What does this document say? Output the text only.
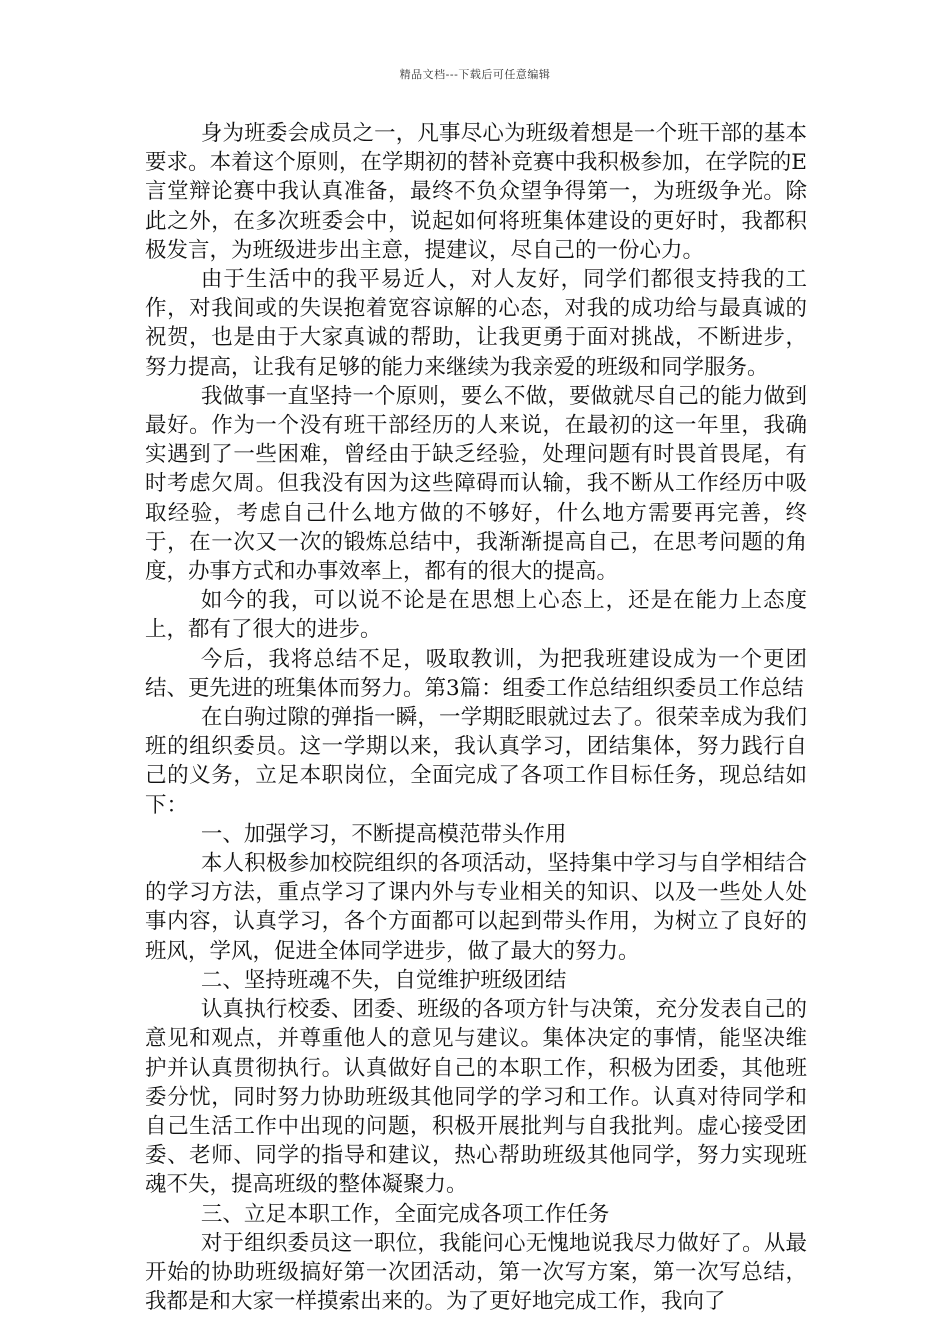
精品文档---下载后可任意编辑

身为班委会成员之一，凡事尽心为班级着想是一个班干部的基本要求。本着这个原则，在学期初的替补竞赛中我积极参加，在学院的E言堂辩论赛中我认真准备，最终不负众望争得第一，为班级争光。除此之外，在多次班委会中，说起如何将班集体建设的更好时，我都积极发言，为班级进步出主意，提建议，尽自己的一份心力。

由于生活中的我平易近人，对人友好，同学们都很支持我的工作，对我间或的失误抱着宽容谅解的心态，对我的成功给与最真诚的祝贺，也是由于大家真诚的帮助，让我更勇于面对挑战，不断进步，努力提高，让我有足够的能力来继续为我亲爱的班级和同学服务。

我做事一直坚持一个原则，要么不做，要做就尽自己的能力做到最好。作为一个没有班干部经历的人来说，在最初的这一年里，我确实遇到了一些困难，曾经由于缺乏经验，处理问题有时畏首畏尾，有时考虑欠周。但我没有因为这些障碍而认输，我不断从工作经历中吸取经验，考虑自己什么地方做的不够好，什么地方需要再完善，终于，在一次又一次的锻炼总结中，我渐渐提高自己，在思考问题的角度，办事方式和办事效率上，都有的很大的提高。

如今的我，可以说不论是在思想上心态上，还是在能力上态度上，都有了很大的进步。

今后，我将总结不足，吸取教训，为把我班建设成为一个更团结、更先进的班集体而努力。第3篇：组委工作总结组织委员工作总结

在白驹过隙的弹指一瞬，一学期眨眼就过去了。很荣幸成为我们班的组织委员。这一学期以来，我认真学习，团结集体，努力践行自己的义务，立足本职岗位，全面完成了各项工作目标任务，现总结如下：

一、加强学习，不断提高模范带头作用

本人积极参加校院组织的各项活动，坚持集中学习与自学相结合的学习方法，重点学习了课内外与专业相关的知识、以及一些处人处事内容，认真学习，各个方面都可以起到带头作用，为树立了良好的班风，学风，促进全体同学进步，做了最大的努力。

二、坚持班魂不失，自觉维护班级团结

认真执行校委、团委、班级的各项方针与决策，充分发表自己的意见和观点，并尊重他人的意见与建议。集体决定的事情，能坚决维护并认真贯彻执行。认真做好自己的本职工作，积极为团委，其他班委分忧，同时努力协助班级其他同学的学习和工作。认真对待同学和自己生活工作中出现的问题，积极开展批判与自我批判。虚心接受团委、老师、同学的指导和建议，热心帮助班级其他同学，努力实现班魂不失，提高班级的整体凝聚力。

三、立足本职工作，全面完成各项工作任务

对于组织委员这一职位，我能问心无愧地说我尽力做好了。从最开始的协助班级搞好第一次团活动，第一次写方案，第一次写总结，我都是和大家一样摸索出来的。为了更好地完成工作，我向了
